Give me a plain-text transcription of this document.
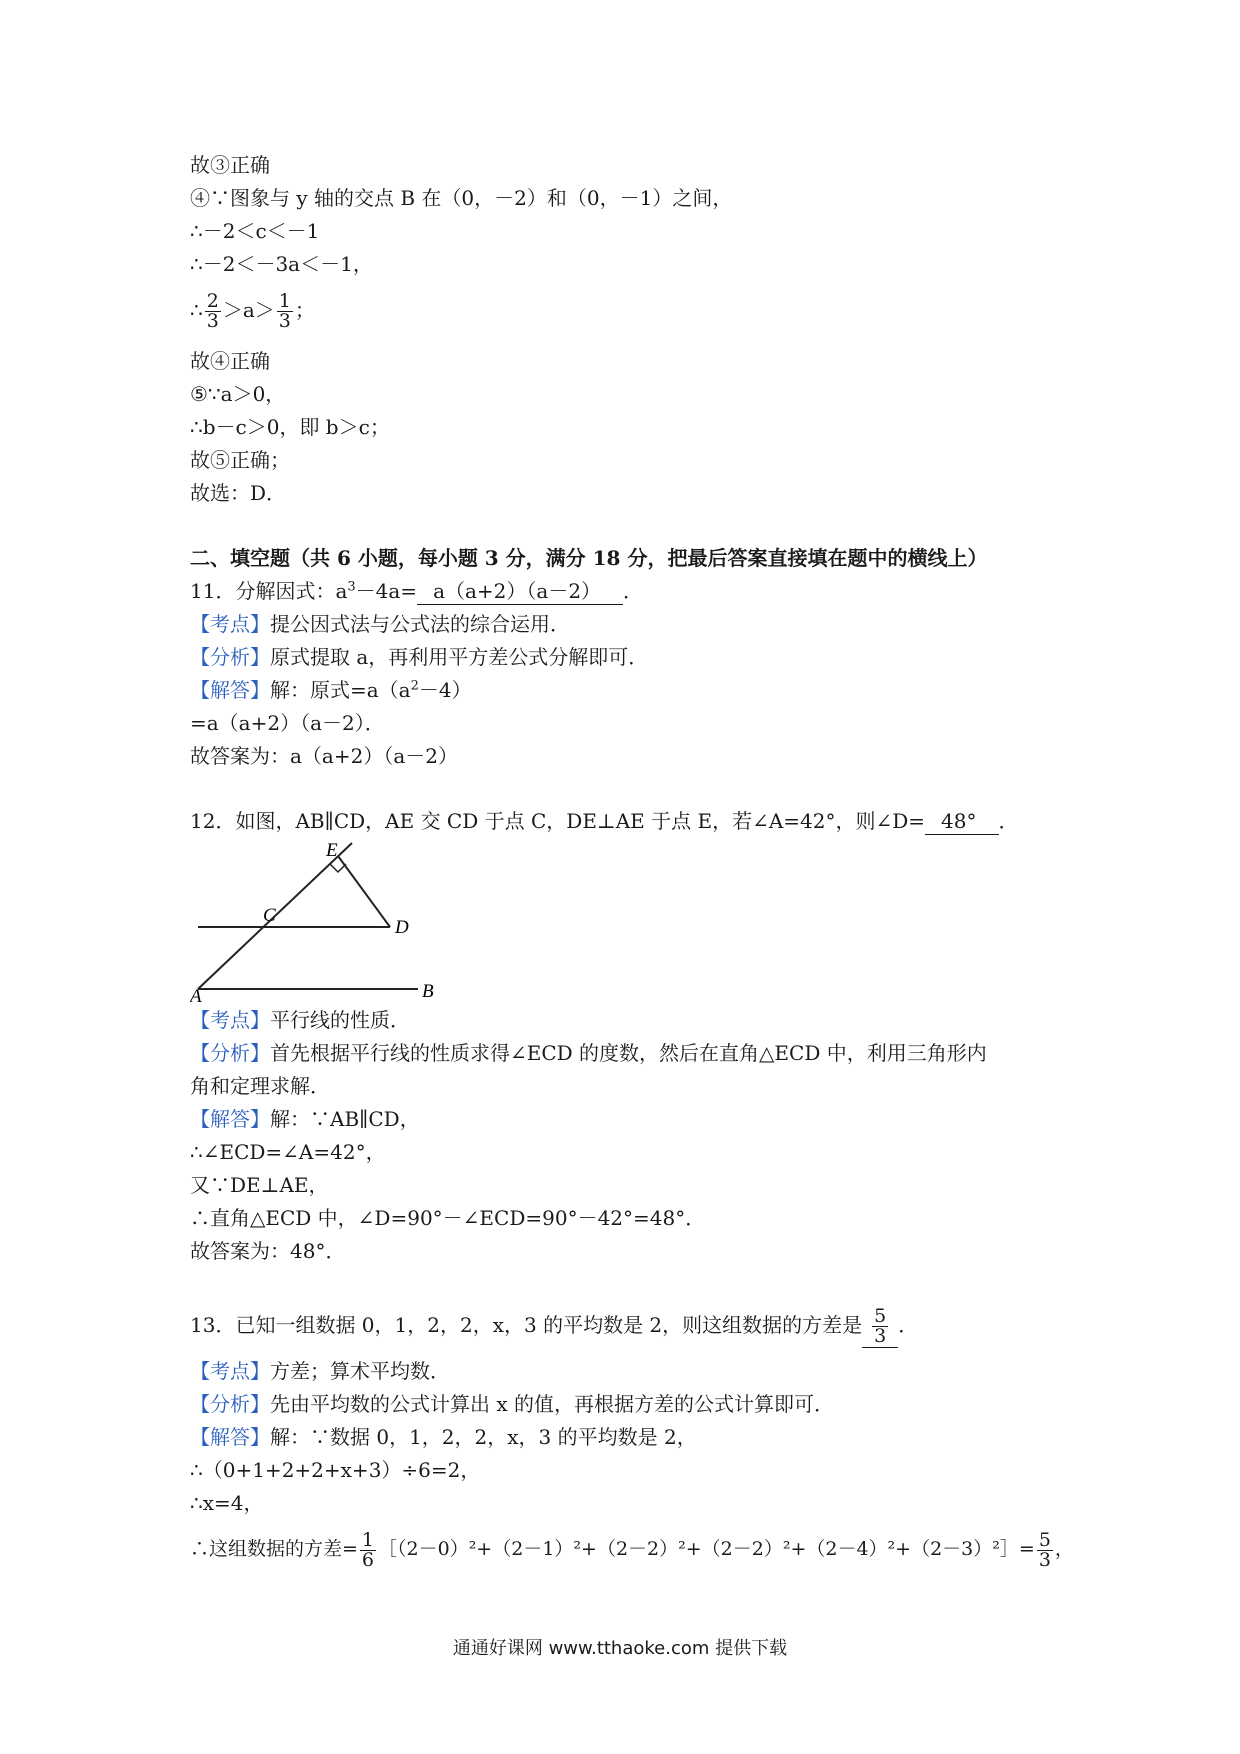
故③正确
④∵图象与 y 轴的交点 B 在（0，－2）和（0，－1）之间，
∴－2＜c＜－1
∴－2＜－3a＜－1，
∴ $\frac{2}{3} >a> \frac{1}{3}$ ；
故④正确
⑤∵a＞0，
∴b－c＞0，即 b＞c；
故⑤正确；
故选：D．
二、填空题（共 6 小题，每小题 3 分，满分 18 分，把最后答案直接填在题中的横线上）
11．分解因式：$a^3-4a= a(a+2)(a-2)$ ．
【考点】提公因式法与公式法的综合运用．
【分析】原式提取 a，再利用平方差公式分解即可．
【解答】解：原式$=a(a^2-4)$
=a（a+2）（a－2）．
故答案为：a（a+2）（a－2）
12．如图，AB∥CD，AE 交 CD 于点 C，DE⊥AE 于点 E，若∠A=42°，则∠D= 48° ．
E
C
D
A	B
【考点】平行线的性质．
【分析】首先根据平行线的性质求得∠ECD 的度数，然后在直角△ECD 中，利用三角形内
角和定理求解．
【解答】解：∵AB∥CD，
∴∠ECD=∠A=42°，
又∵DE⊥AE，
∴直角△ECD 中，∠D=90°－∠ECD=90°－42°=48°．
故答案为：48°．
13．已知一组数据 0，1，2，2，x，3 的平均数是 2，则这组数据的方差是 $\frac{5}{3}$ ．
【考点】方差；算术平均数．
【分析】先由平均数的公式计算出 x 的值，再根据方差的公式计算即可．
【解答】解：∵数据 0，1，2，2，x，3 的平均数是 2，
∴（0+1+2+2+x+3）÷6=2，
∴x=4，
∴这组数据的方差= $\frac{1}{6}$ ［（2－0）²+（2－1）²+（2－2）²+（2－2）²+（2－4）²+（2－3）²］= $\frac{5}{3}$ ，
通通好课网 www.tthaoke.com 提供下载
